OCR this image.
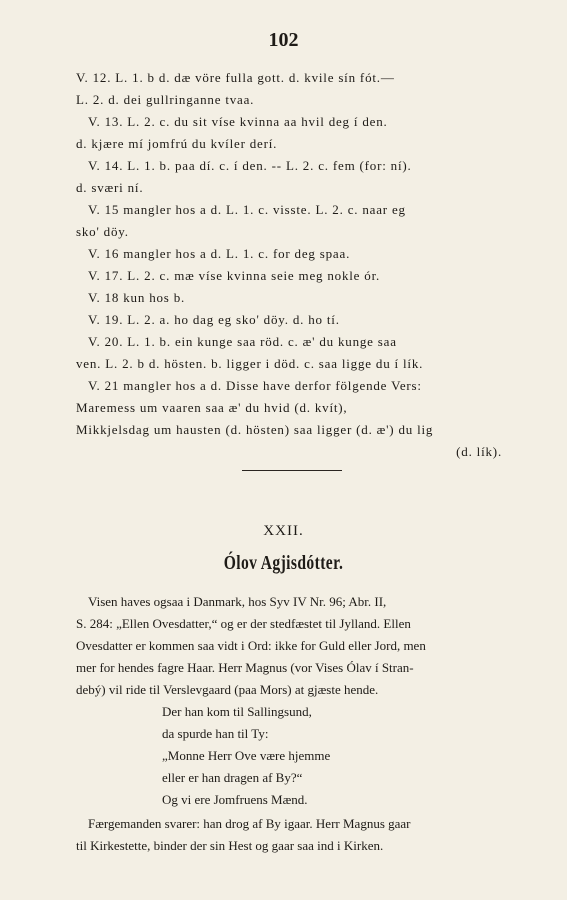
102
V. 12. L. 1. b d. dæ vöre fulla gott. d. kvile sín fót.—
L. 2. d. dei gullringanne tvaa.
V. 13. L. 2. c. du sit víse kvinna aa hvil deg í den.
d. kjære mí jomfrú du kvíler derí.
V. 14. L. 1. b. paa dí. c. í den. -- L. 2. c. fem (for: ní).
d. sværi ní.
V. 15 mangler hos a d. L. 1. c. visste. L. 2. c. naar eg
sko' döy.
V. 16 mangler hos a d. L. 1. c. for deg spaa.
V. 17. L. 2. c. mæ víse kvinna seie meg nokle ór.
V. 18 kun hos b.
V. 19. L. 2. a. ho dag eg sko' döy. d. ho tí.
V. 20. L. 1. b. ein kunge saa röd. c. æ' du kunge saa
ven. L. 2. b d. hösten. b. ligger i död. c. saa ligge du í lík.
V. 21 mangler hos a d. Disse have derfor fölgende Vers:
Maremess um vaaren saa æ' du hvid (d. kvít),
Mikkjelsdag um hausten (d. hösten) saa ligger (d. æ') du lig
(d. lík).
XXII.
Ólov Agjisdótter.
Visen haves ogsaa i Danmark, hos Syv IV Nr. 96; Abr. II,
S. 284: „Ellen Ovesdatter,“ og er der stedfæstet til Jylland. Ellen
Ovesdatter er kommen saa vidt i Ord: ikke for Guld eller Jord, men
mer for hendes fagre Haar. Herr Magnus (vor Vises Ólav í Stran-
debý) vil ride til Verslevgaard (paa Mors) at gjæste hende.
Der han kom til Sallingsund,
da spurde han til Ty:
„Monne Herr Ove være hjemme
eller er han dragen af By?“
Og vi ere Jomfruens Mænd.
Færgemanden svarer: han drog af By igaar. Herr Magnus gaar
til Kirkestette, binder der sin Hest og gaar saa ind i Kirken.
